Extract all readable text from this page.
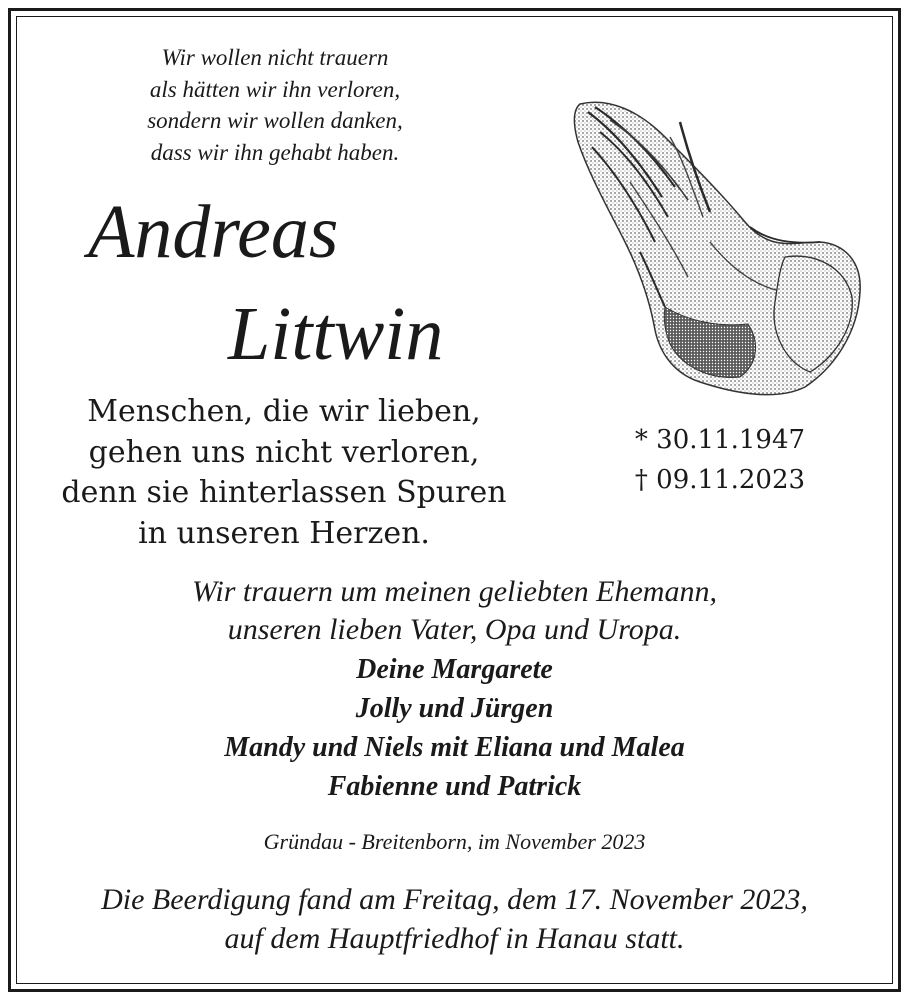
Wir wollen nicht trauern
als hätten wir ihn verloren,
sondern wir wollen danken,
dass wir ihn gehabt haben.
Andreas
Littwin
Menschen, die wir lieben,
gehen uns nicht verloren,
denn sie hinterlassen Spuren
in unseren Herzen.
* 30.11.1947
† 09.11.2023
Wir trauern um meinen geliebten Ehemann,
unseren lieben Vater, Opa und Uropa.
Deine Margarete
Jolly und Jürgen
Mandy und Niels mit Eliana und Malea
Fabienne und Patrick
Gründau - Breitenborn, im November 2023
Die Beerdigung fand am Freitag, dem 17. November 2023,
auf dem Hauptfriedhof in Hanau statt.
